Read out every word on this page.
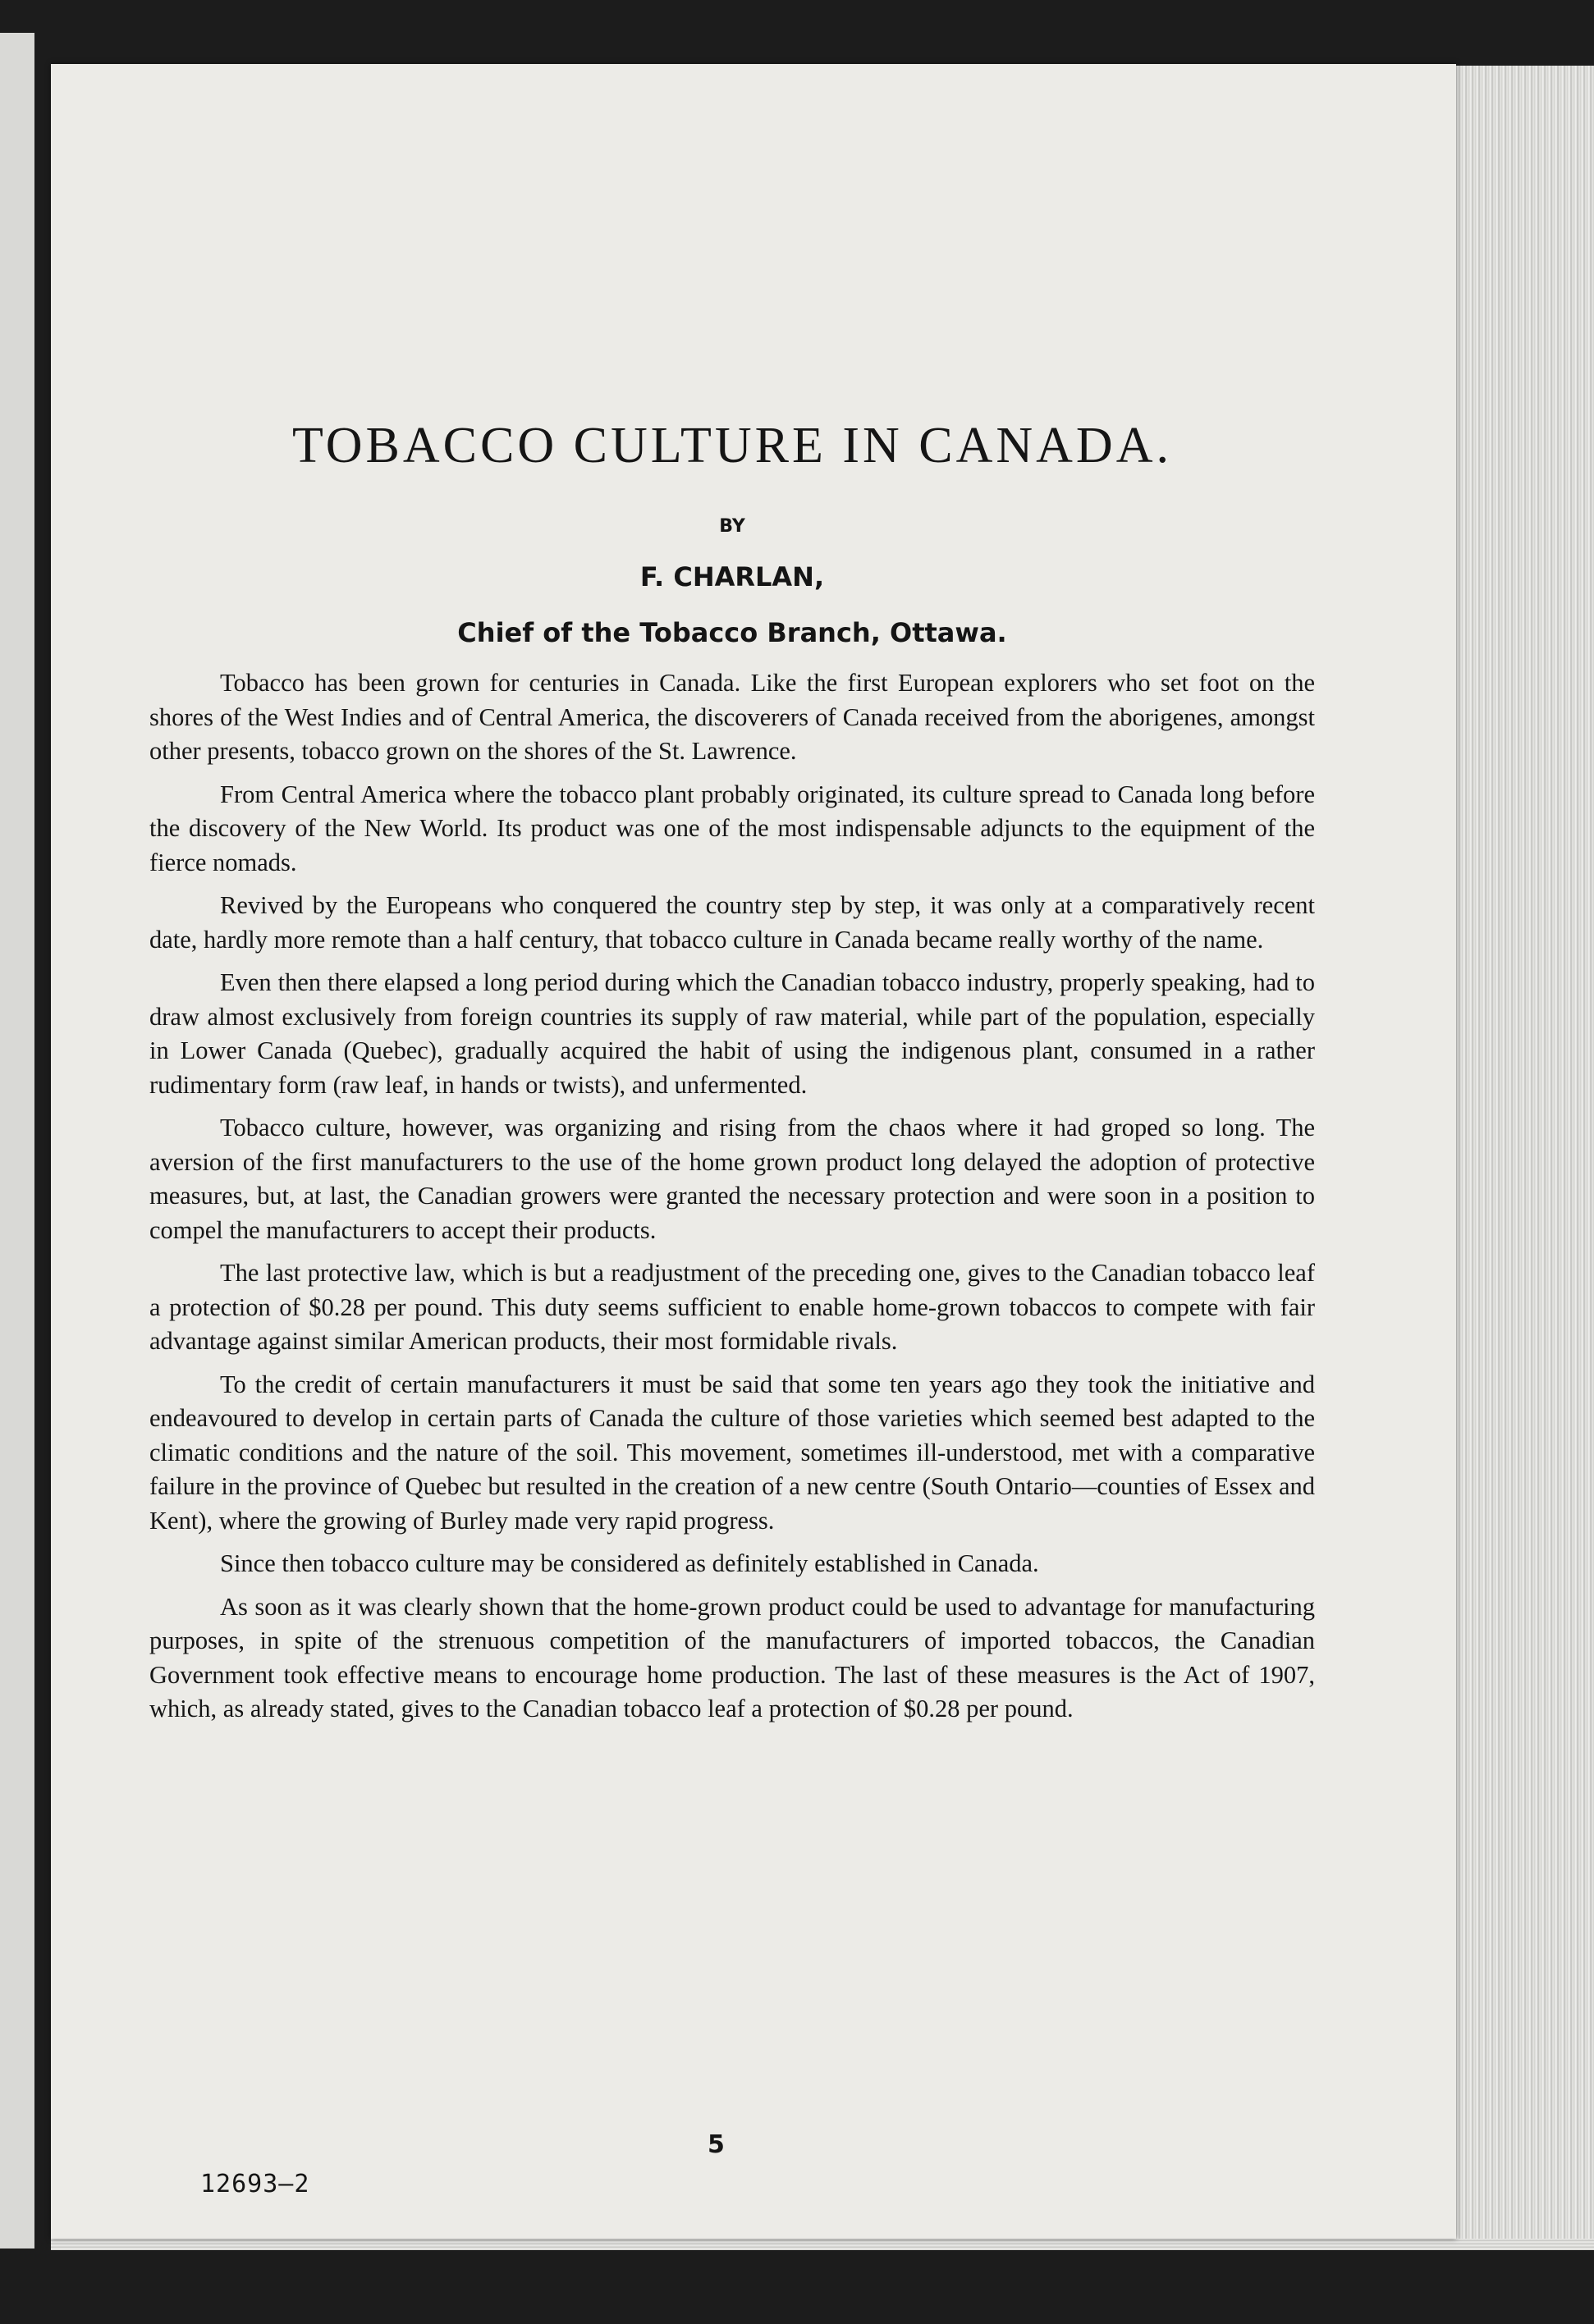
TOBACCO CULTURE IN CANADA.
BY
F. CHARLAN,
Chief of the Tobacco Branch, Ottawa.

Tobacco has been grown for centuries in Canada. Like the first European explorers who set foot on the shores of the West Indies and of Central America, the discoverers of Canada received from the aborigenes, amongst other presents, tobacco grown on the shores of the St. Lawrence.

From Central America where the tobacco plant probably originated, its culture spread to Canada long before the discovery of the New World. Its product was one of the most indispensable adjuncts to the equipment of the fierce nomads.

Revived by the Europeans who conquered the country step by step, it was only at a comparatively recent date, hardly more remote than a half century, that tobacco culture in Canada became really worthy of the name.

Even then there elapsed a long period during which the Canadian tobacco industry, properly speaking, had to draw almost exclusively from foreign countries its supply of raw material, while part of the population, especially in Lower Canada (Quebec), gradually acquired the habit of using the indigenous plant, consumed in a rather rudimentary form (raw leaf, in hands or twists), and unfermented.

Tobacco culture, however, was organizing and rising from the chaos where it had groped so long. The aversion of the first manufacturers to the use of the home grown product long delayed the adoption of protective measures, but, at last, the Canadian growers were granted the necessary protection and were soon in a position to compel the manufacturers to accept their products.

The last protective law, which is but a readjustment of the preceding one, gives to the Canadian tobacco leaf a protection of $0.28 per pound. This duty seems sufficient to enable home-grown tobaccos to compete with fair advantage against similar American products, their most formidable rivals.

To the credit of certain manufacturers it must be said that some ten years ago they took the initiative and endeavoured to develop in certain parts of Canada the culture of those varieties which seemed best adapted to the climatic conditions and the nature of the soil. This movement, sometimes ill-understood, met with a comparative failure in the province of Quebec but resulted in the creation of a new centre (South Ontario—counties of Essex and Kent), where the growing of Burley made very rapid progress.

Since then tobacco culture may be considered as definitely established in Canada.

As soon as it was clearly shown that the home-grown product could be used to advantage for manufacturing purposes, in spite of the strenuous competition of the manufacturers of imported tobaccos, the Canadian Government took effective means to encourage home production. The last of these measures is the Act of 1907, which, as already stated, gives to the Canadian tobacco leaf a protection of $0.28 per pound.

5
12693—2
